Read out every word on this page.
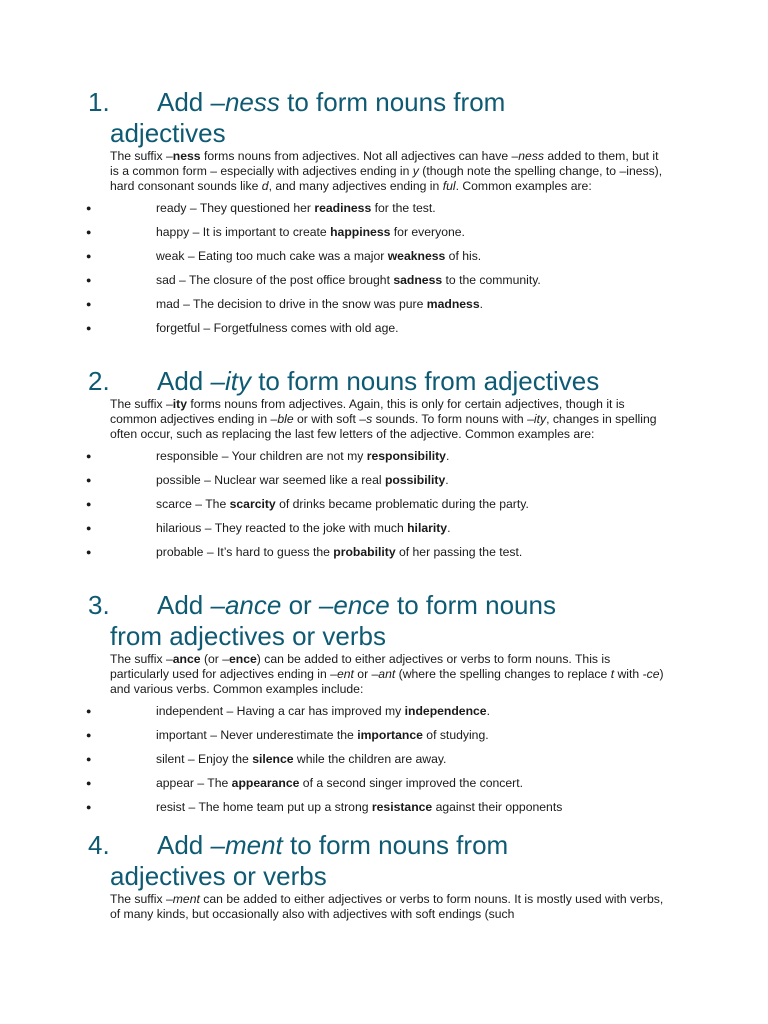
1.	Add –ness to form nouns from
adjectives

The suffix –ness forms nouns from adjectives. Not all adjectives can have –ness added to them, but it is a common form – especially with adjectives ending in y (though note the spelling change, to –iness), hard consonant sounds like d, and many adjectives ending in ful. Common examples are:

●	ready – They questioned her readiness for the test.
●	happy – It is important to create happiness for everyone.
●	weak – Eating too much cake was a major weakness of his.
●	sad – The closure of the post office brought sadness to the community.
●	mad – The decision to drive in the snow was pure madness.
●	forgetful – Forgetfulness comes with old age.
2.	Add –ity to form nouns from adjectives

The suffix –ity forms nouns from adjectives. Again, this is only for certain adjectives, though it is common adjectives ending in –ble or with soft –s sounds. To form nouns with –ity, changes in spelling often occur, such as replacing the last few letters of the adjective. Common examples are:

●	responsible – Your children are not my responsibility.
●	possible – Nuclear war seemed like a real possibility.
●	scarce – The scarcity of drinks became problematic during the party.
●	hilarious – They reacted to the joke with much hilarity.
●	probable – It’s hard to guess the probability of her passing the test.
3.	Add –ance or –ence to form nouns
from adjectives or verbs

The suffix –ance (or –ence) can be added to either adjectives or verbs to form nouns. This is particularly used for adjectives ending in –ent or –ant (where the spelling changes to replace t with -ce) and various verbs. Common examples include:

●	independent – Having a car has improved my independence.
●	important – Never underestimate the importance of studying.
●	silent – Enjoy the silence while the children are away.
●	appear – The appearance of a second singer improved the concert.
●	resist – The home team put up a strong resistance against their opponents
4.	Add –ment to form nouns from
adjectives or verbs

The suffix –ment can be added to either adjectives or verbs to form nouns. It is mostly used with verbs, of many kinds, but occasionally also with adjectives with soft endings (such
